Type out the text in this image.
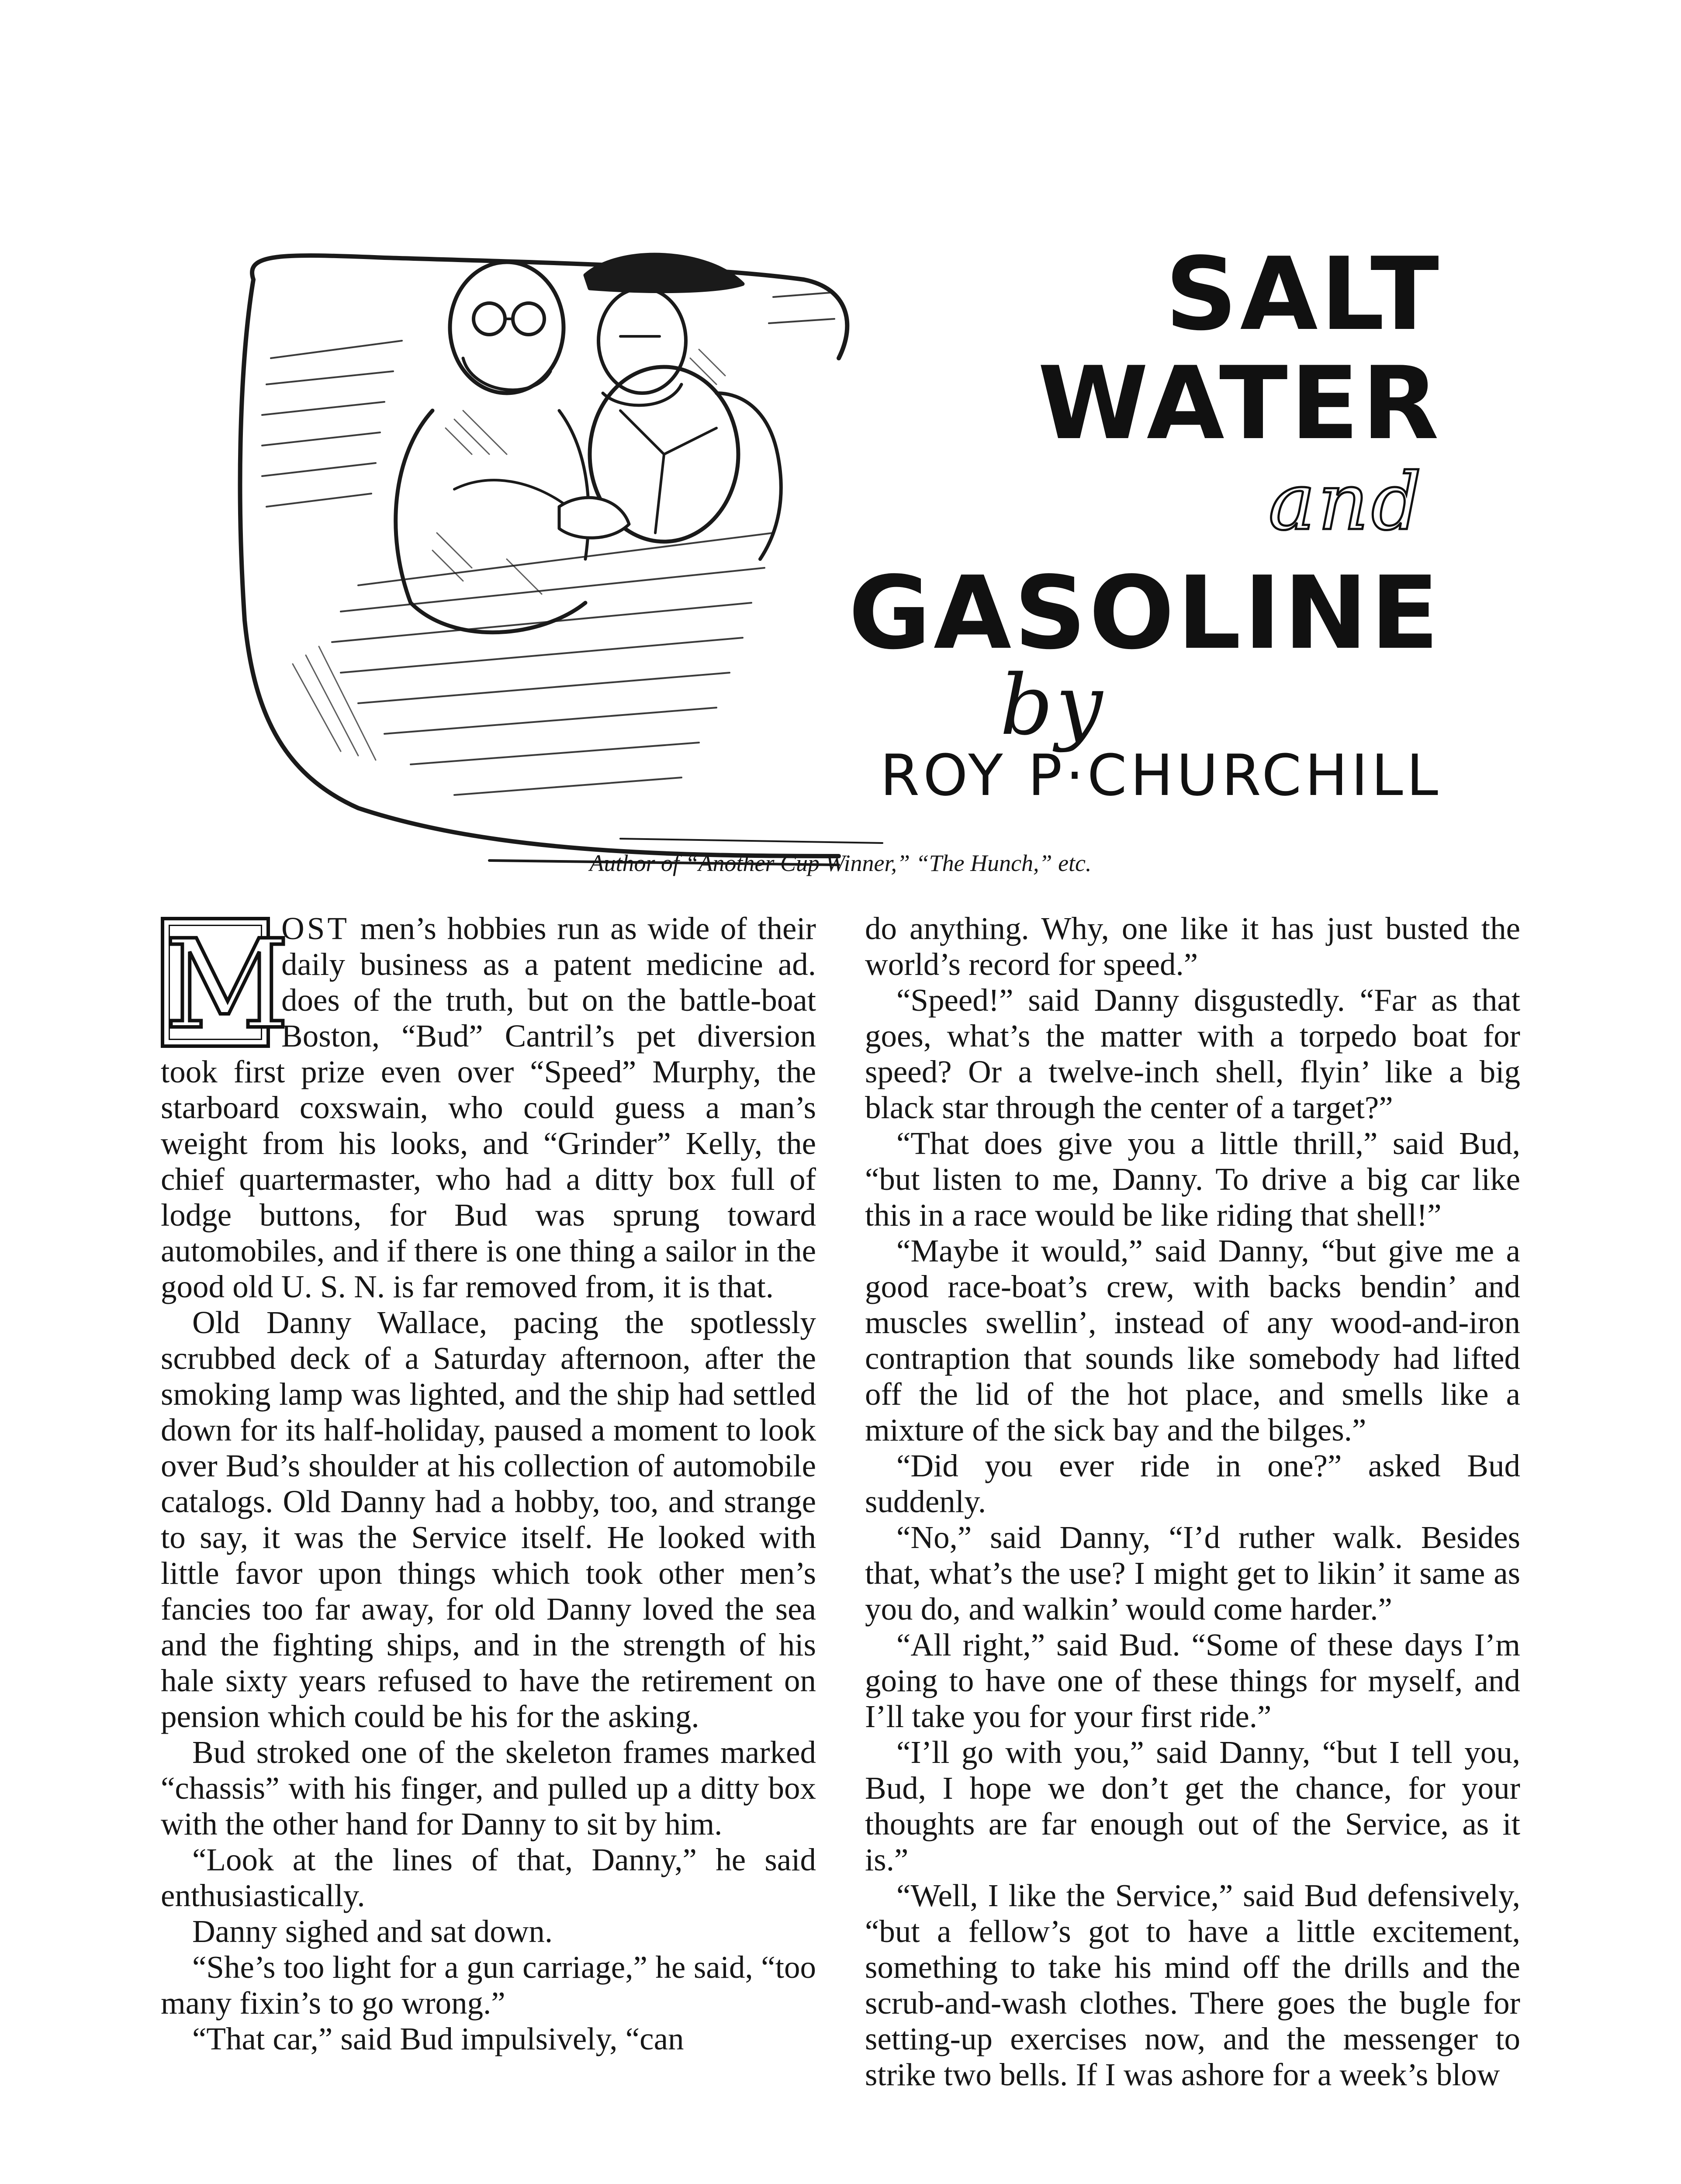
SALT
WATER
and
GASOLINE
by
ROY P·CHURCHILL
Author of “Another Cup Winner,” “The Hunch,” etc.

M
OST men’s hobbies run as wide of their daily business as a patent medicine ad. does of the truth, but on the battle-boat Boston, “Bud” Cantril’s pet diversion took first prize even over “Speed” Murphy, the starboard coxswain, who could guess a man’s weight from his looks, and “Grinder” Kelly, the chief quartermaster, who had a ditty box full of lodge buttons, for Bud was sprung toward automobiles, and if there is one thing a sailor in the good old U. S. N. is far removed from, it is that.

Old Danny Wallace, pacing the spotlessly scrubbed deck of a Saturday afternoon, after the smoking lamp was lighted, and the ship had settled down for its half-holiday, paused a moment to look over Bud’s shoulder at his collection of automobile catalogs. Old Danny had a hobby, too, and strange to say, it was the Service itself. He looked with little favor upon things which took other men’s fancies too far away, for old Danny loved the sea and the fighting ships, and in the strength of his hale sixty years refused to have the retirement on pension which could be his for the asking.

Bud stroked one of the skeleton frames marked “chassis” with his finger, and pulled up a ditty box with the other hand for Danny to sit by him.

“Look at the lines of that, Danny,” he said enthusiastically.

Danny sighed and sat down.

“She’s too light for a gun carriage,” he said, “too many fixin’s to go wrong.”

“That car,” said Bud impulsively, “can

do anything. Why, one like it has just busted the world’s record for speed.”

“Speed!” said Danny disgustedly. “Far as that goes, what’s the matter with a torpedo boat for speed? Or a twelve-inch shell, flyin’ like a big black star through the center of a target?”

“That does give you a little thrill,” said Bud, “but listen to me, Danny. To drive a big car like this in a race would be like riding that shell!”

“Maybe it would,” said Danny, “but give me a good race-boat’s crew, with backs bendin’ and muscles swellin’, instead of any wood-and-iron contraption that sounds like somebody had lifted off the lid of the hot place, and smells like a mixture of the sick bay and the bilges.”

“Did you ever ride in one?” asked Bud suddenly.

“No,” said Danny, “I’d ruther walk. Besides that, what’s the use? I might get to likin’ it same as you do, and walkin’ would come harder.”

“All right,” said Bud. “Some of these days I’m going to have one of these things for myself, and I’ll take you for your first ride.”

“I’ll go with you,” said Danny, “but I tell you, Bud, I hope we don’t get the chance, for your thoughts are far enough out of the Service, as it is.”

“Well, I like the Service,” said Bud defensively, “but a fellow’s got to have a little excitement, something to take his mind off the drills and the scrub-and-wash clothes. There goes the bugle for setting-up exercises now, and the messenger to strike two bells. If I was ashore for a week’s blow
